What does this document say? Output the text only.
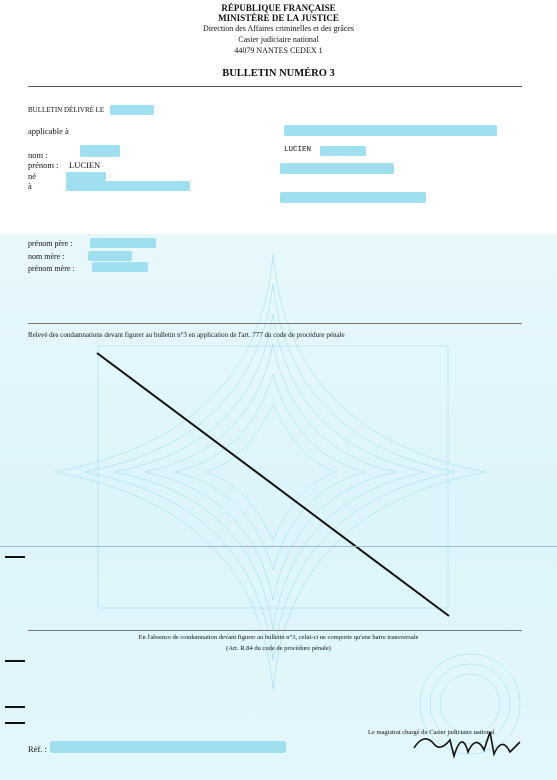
RÉPUBLIQUE FRANÇAISE
MINISTÈRE DE LA JUSTICE
Direction des Affaires criminelles et des grâces
Casier judiciaire national
44079 NANTES CEDEX 1
BULLETIN NUMÉRO 3
BULLETIN DÉLIVRÉ LE
applicable à
nom :
prénom : LUCIEN
né
à
LUCIEN
prénom père :
nom mère :
prénom mère :
Relevé des condamnations devant figurer au bulletin n°3 en application de l'art. 777 du code de procédure pénale
En l'absence de condamnation devant figurer au bulletin n°3, celui-ci ne comporte qu'une barre transversale
(Art. R.84 du code de procédure pénale)
Le magistrat chargé du Casier judiciaire national
Réf. :
